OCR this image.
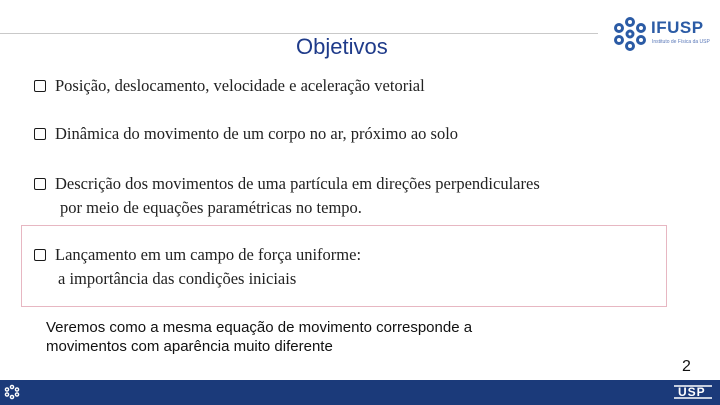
Objetivos
IFUSP
Instituto de Física da USP
Posição, deslocamento, velocidade e aceleração vetorial
Dinâmica do movimento de um corpo no ar, próximo ao solo
Descrição dos movimentos de uma partícula em direções perpendiculares
por meio de equações paramétricas no tempo.
Lançamento em um campo de força uniforme:
a importância das condições iniciais
Veremos como a mesma equação de movimento corresponde a
movimentos com aparência muito diferente
2
USP
